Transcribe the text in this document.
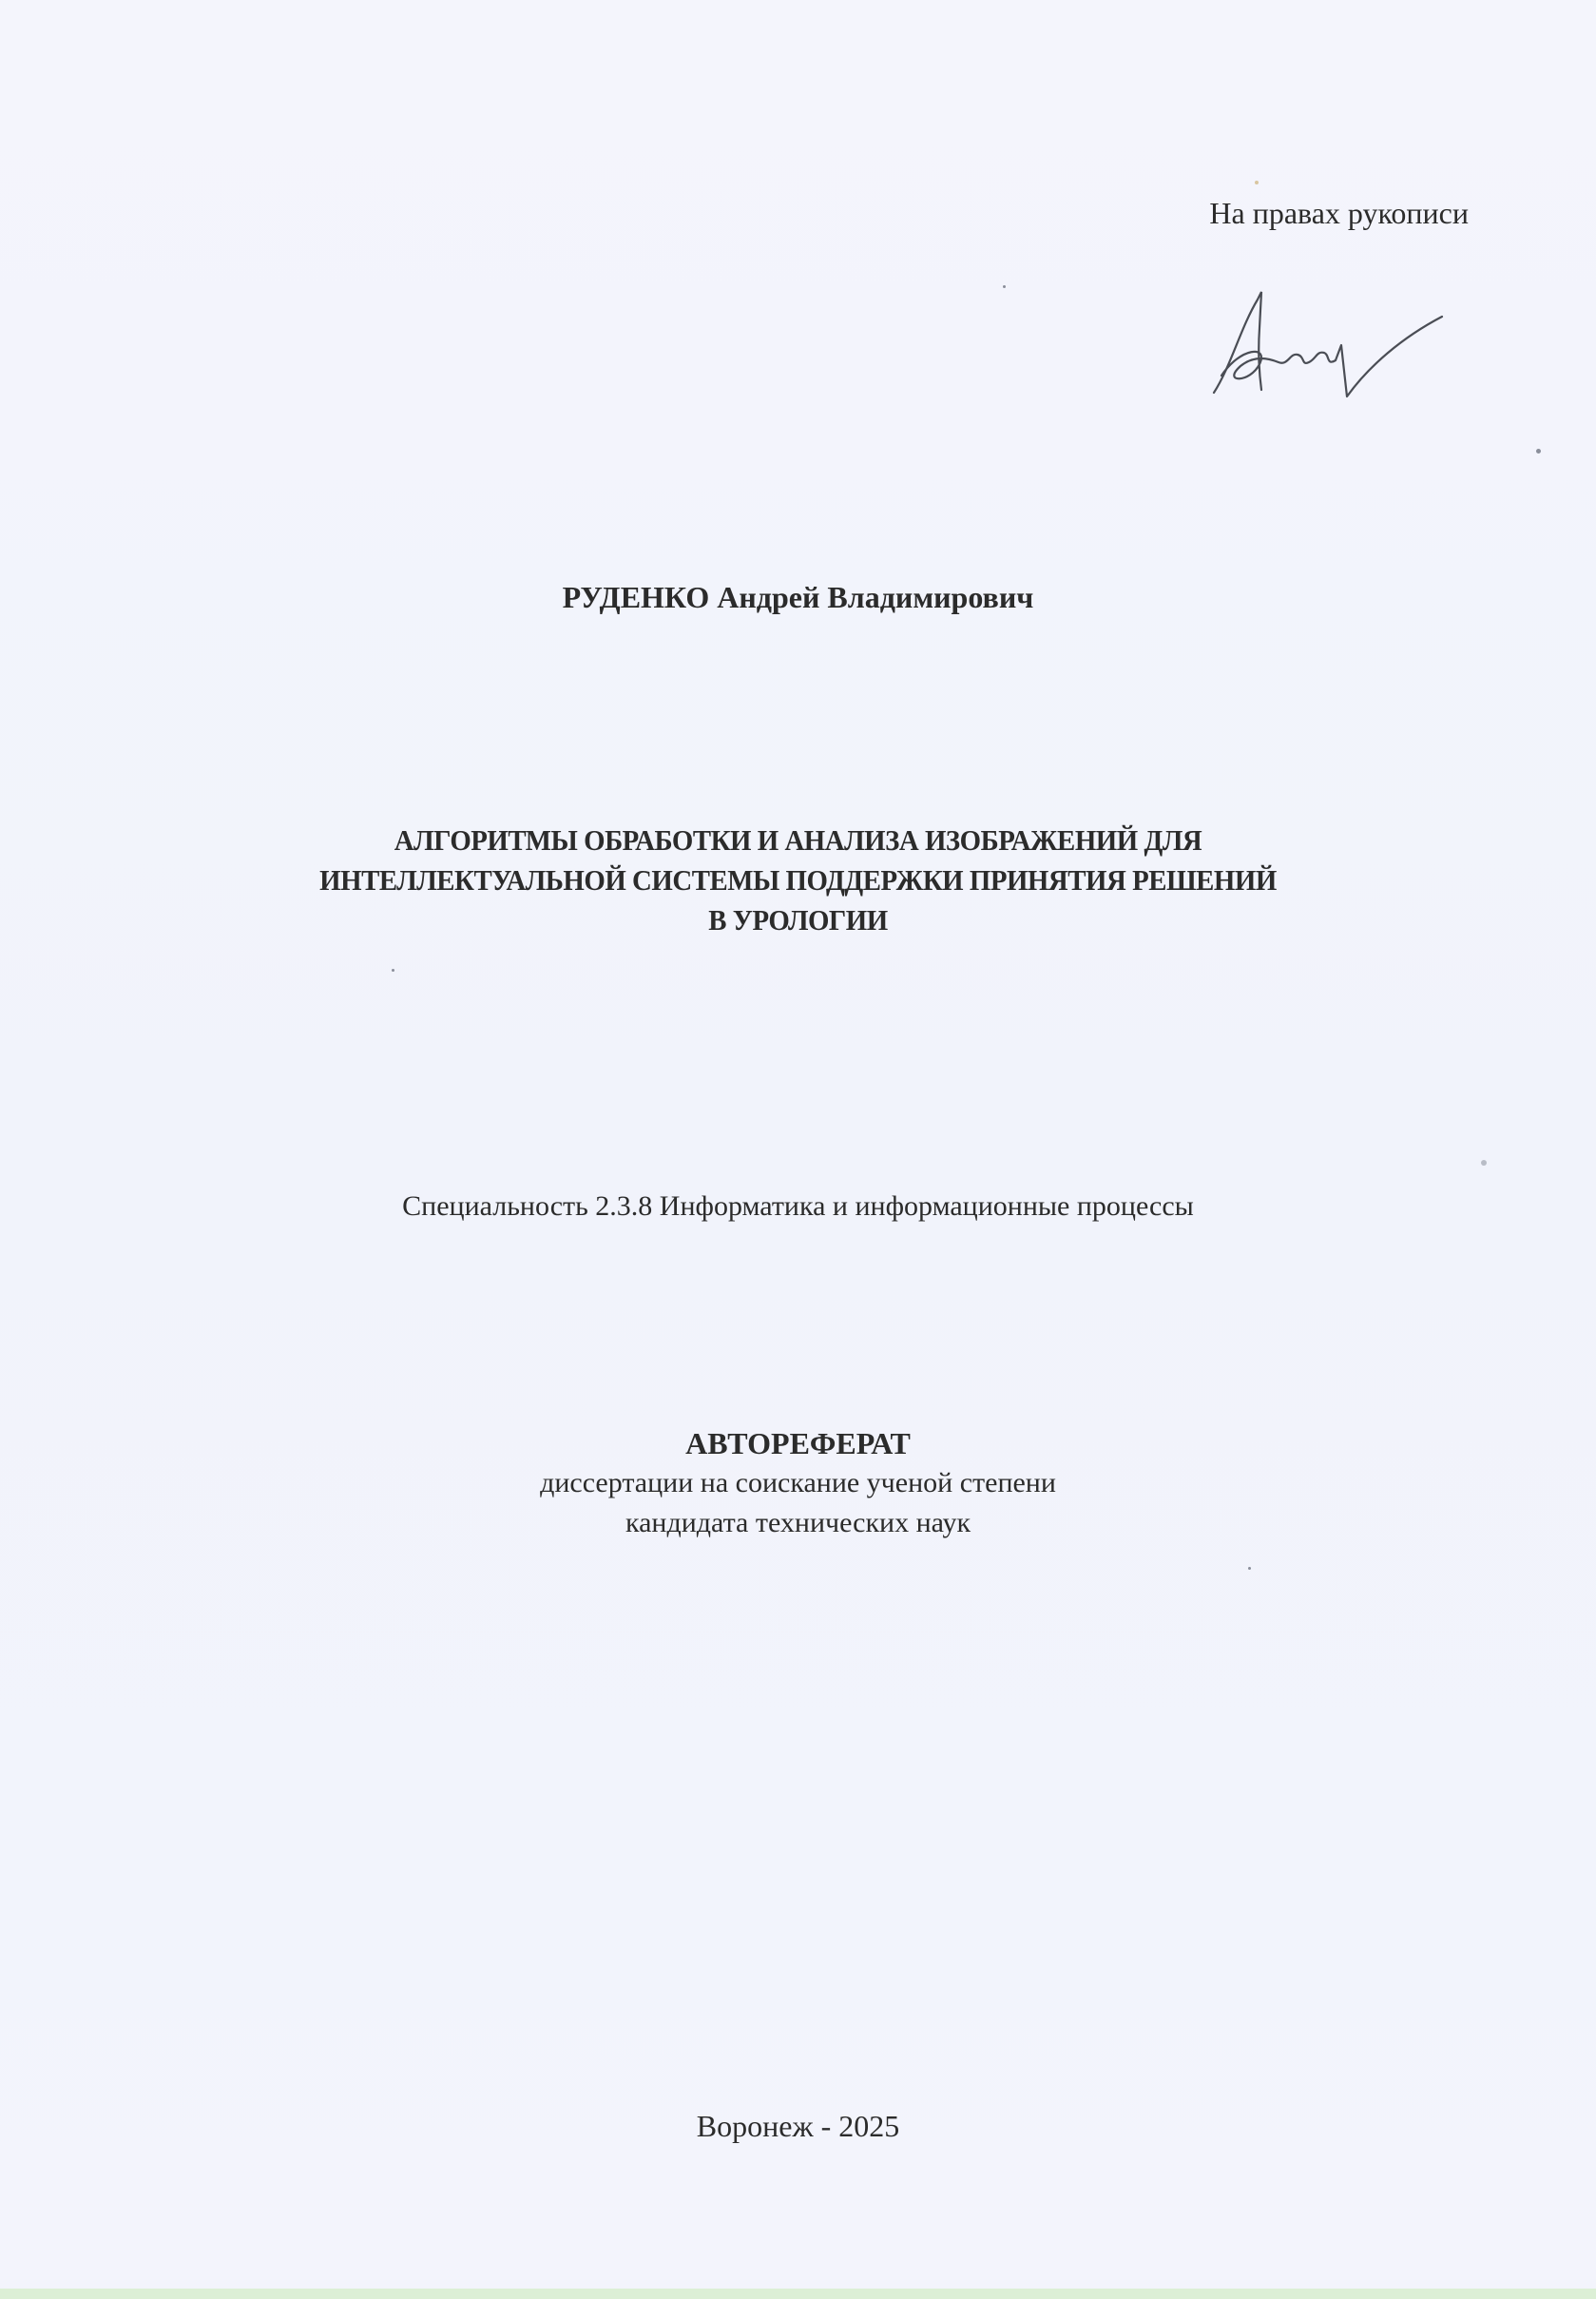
На правах рукописи
РУДЕНКО Андрей Владимирович
АЛГОРИТМЫ ОБРАБОТКИ И АНАЛИЗА ИЗОБРАЖЕНИЙ ДЛЯ
ИНТЕЛЛЕКТУАЛЬНОЙ СИСТЕМЫ ПОДДЕРЖКИ ПРИНЯТИЯ РЕШЕНИЙ
В УРОЛОГИИ
Специальность 2.3.8 Информатика и информационные процессы
АВТОРЕФЕРАТ
диссертации на соискание ученой степени
кандидата технических наук
Воронеж - 2025
